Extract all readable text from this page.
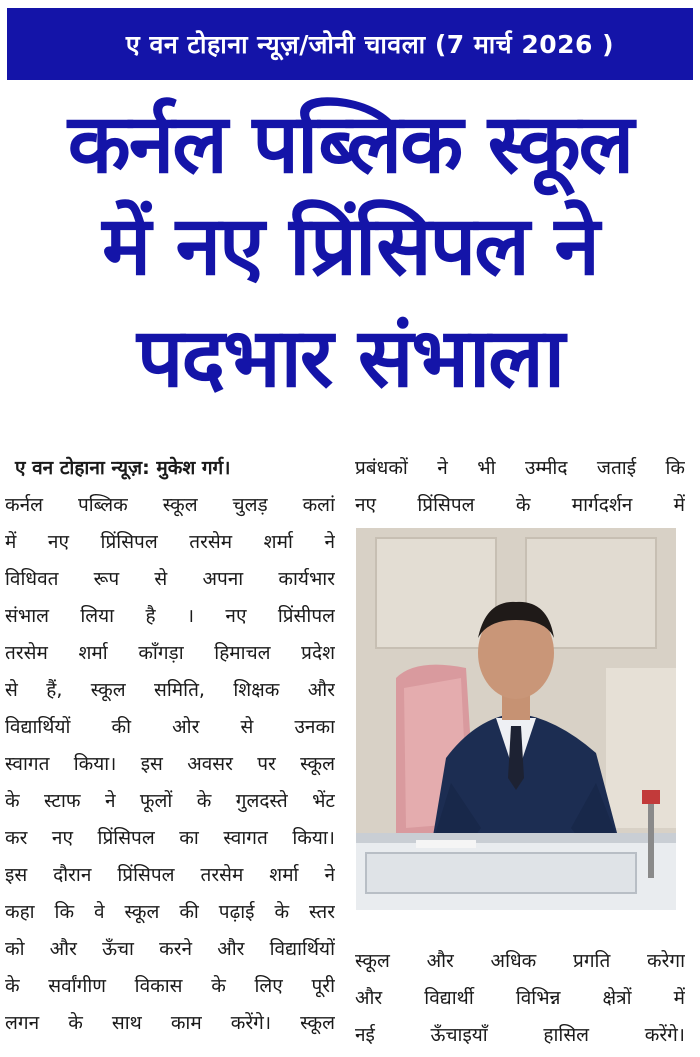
ए वन टोहाना न्यूज़/जोनी चावला (7 मार्च 2026 )
कर्नल पब्लिक स्कूल
में नए प्रिंसिपल ने
पदभार संभाला
ए वन टोहाना न्यूज़: मुकेश गर्ग।
कर्नल पब्लिक स्कूल चुलड़ कलां
में नए प्रिंसिपल तरसेम शर्मा ने
विधिवत रूप से अपना कार्यभार
संभाल लिया है । नए प्रिंसीपल
तरसेम शर्मा काँगड़ा हिमाचल प्रदेश
से हैं, स्कूल समिति, शिक्षक और
विद्यार्थियों की ओर से उनका
स्वागत किया। इस अवसर पर स्कूल
के स्टाफ ने फूलों के गुलदस्ते भेंट
कर नए प्रिंसिपल का स्वागत किया।
इस दौरान प्रिंसिपल तरसेम शर्मा ने
कहा कि वे स्कूल की पढ़ाई के स्तर
को और ऊँचा करने और विद्यार्थियों
के सर्वांगीण विकास के लिए पूरी
लगन के साथ काम करेंगे। स्कूल
प्रबंधकों ने भी उम्मीद जताई कि
नए प्रिंसिपल के मार्गदर्शन में
स्कूल और अधिक प्रगति करेगा
और विद्यार्थी विभिन्न क्षेत्रों में
नई ऊँचाइयाँ हासिल करेंगे।
